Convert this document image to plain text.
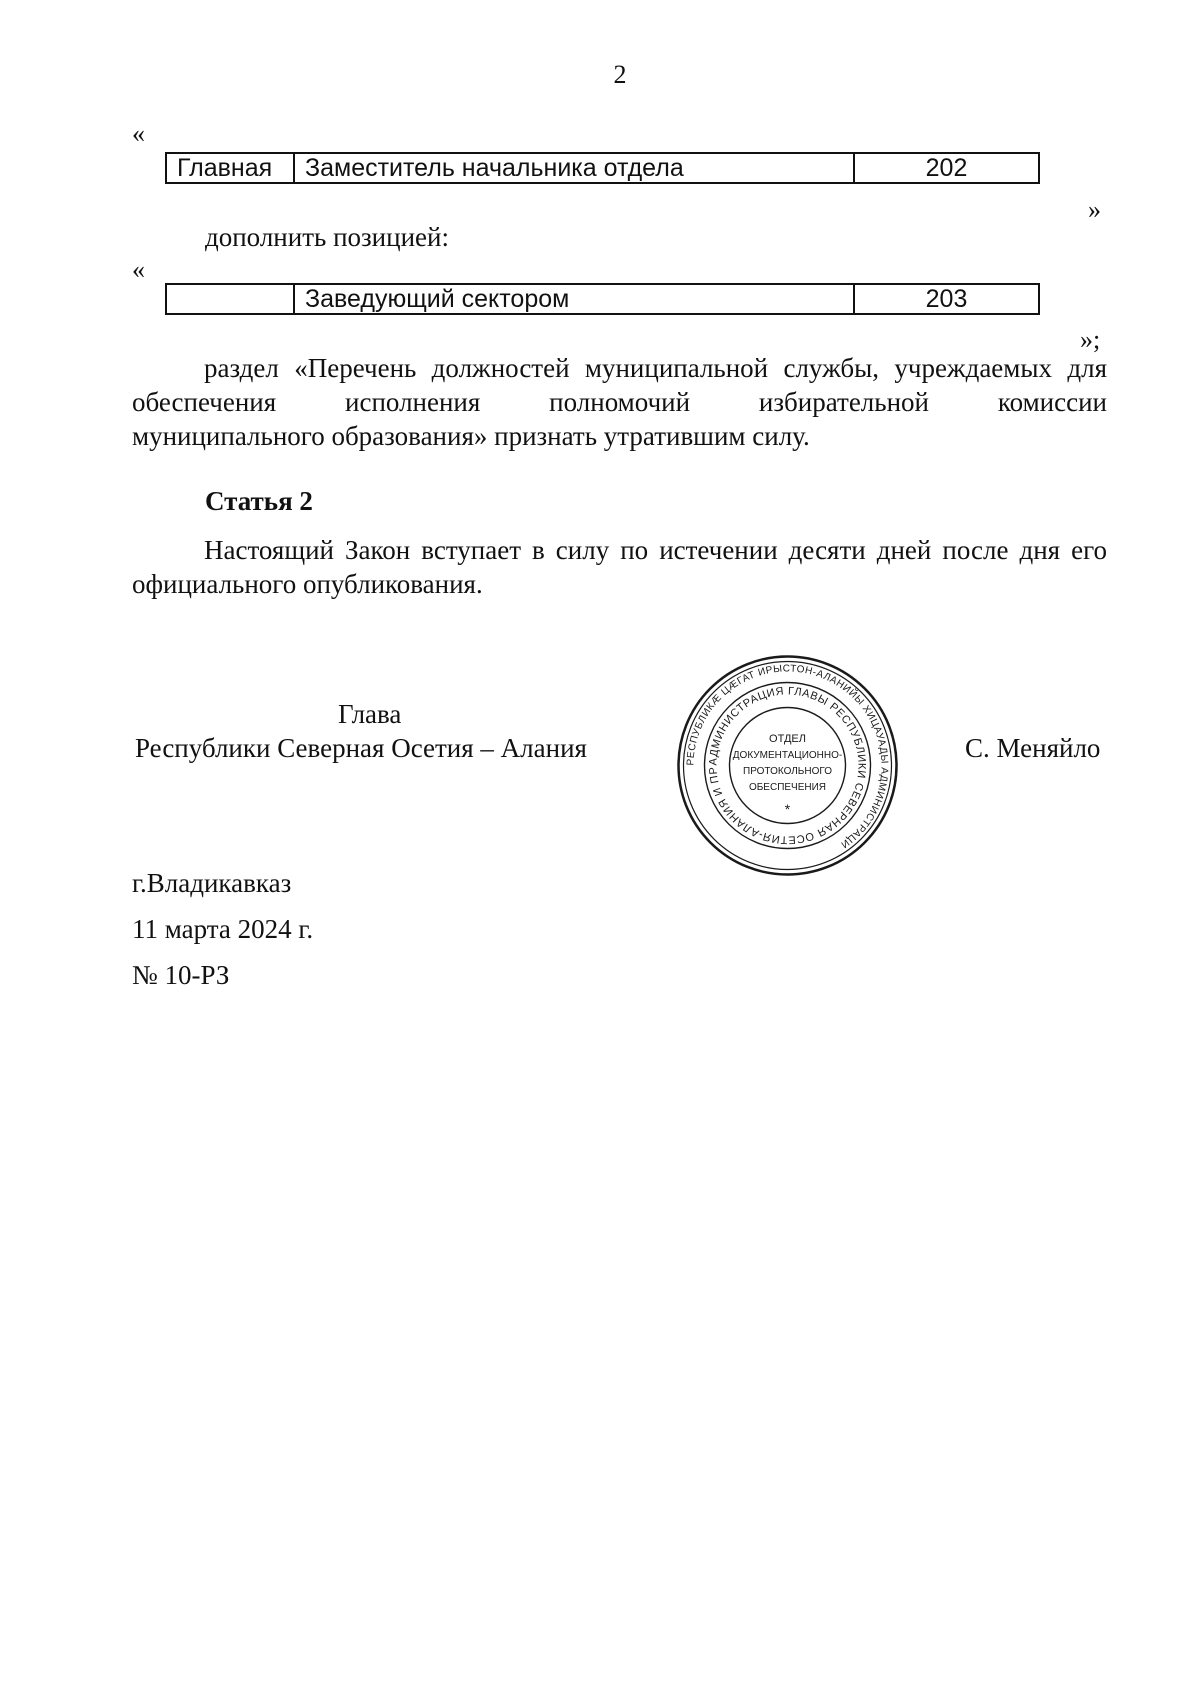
2
«
Главная	Заместитель начальника отдела	202
»
дополнить позицией:
«
	Заведующий сектором	203
»;
раздел «Перечень должностей муниципальной службы, учреждаемых для
обеспечения исполнения полномочий избирательной комиссии
муниципального образования» признать утратившим силу.
Статья 2
Настоящий Закон вступает в силу по истечении десяти дней после дня его официального опубликования.
Глава
Республики Северная Осетия – Алания	С. Меняйло
РЕСПУБЛИКÆ ЦÆГАТ ИРЫСТОН-АЛАНИЙЫ ХИЦАУАДЫ АДМИНИСТРАЦИ
АДМИНИСТРАЦИЯ ГЛАВЫ РЕСПУБЛИКИ СЕВЕРНАЯ ОСЕТИЯ-АЛАНИЯ И ПР
ОТДЕЛ
ДОКУМЕНТАЦИОННО-
ПРОТОКОЛЬНОГО
ОБЕСПЕЧЕНИЯ
*
г.Владикавказ
11 марта 2024 г.
№ 10-РЗ
